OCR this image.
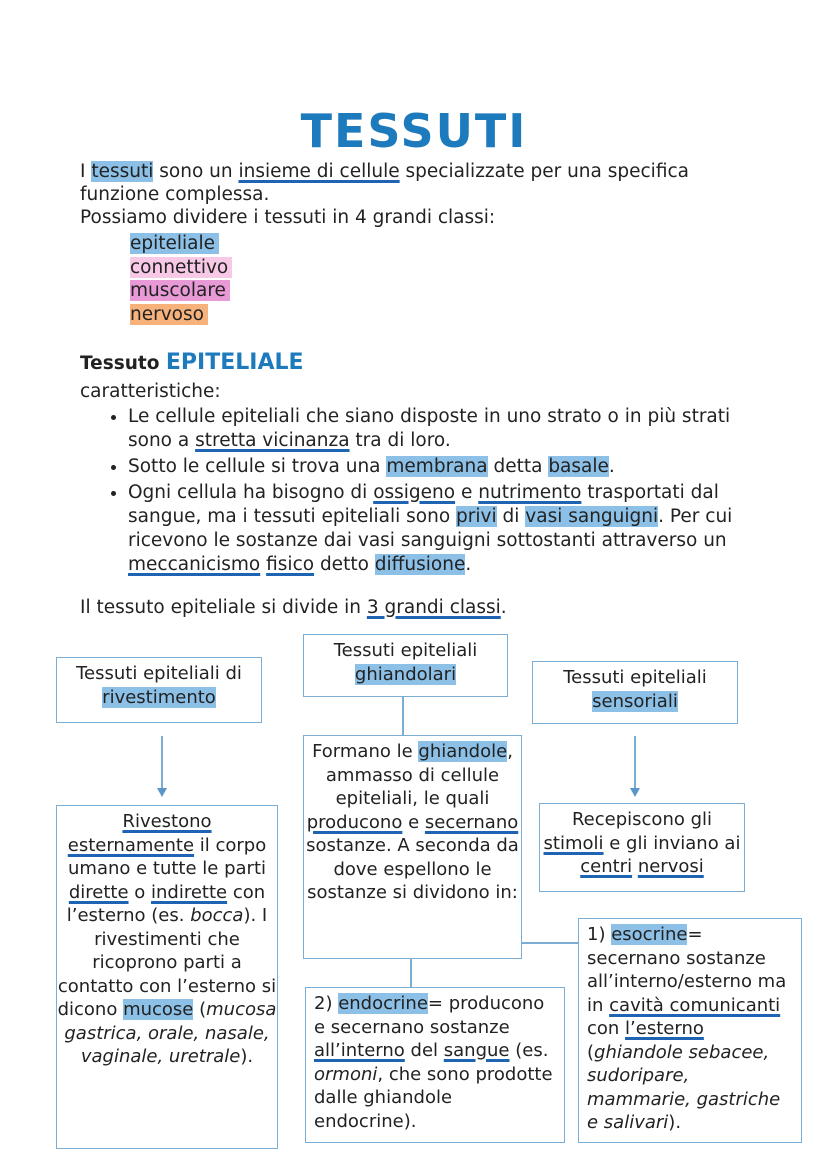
TESSUTI
I tessuti sono un insieme di cellule specializzate per una specifica funzione complessa.
Possiamo dividere i tessuti in 4 grandi classi:
epiteliale
connettivo
muscolare
nervoso
Tessuto EPITELIALE
caratteristiche:
• Le cellule epiteliali che siano disposte in uno strato o in più strati sono a stretta vicinanza tra di loro.
• Sotto le cellule si trova una membrana detta basale.
• Ogni cellula ha bisogno di ossigeno e nutrimento trasportati dal sangue, ma i tessuti epiteliali sono privi di vasi sanguigni. Per cui ricevono le sostanze dai vasi sanguigni sottostanti attraverso un meccanicismo fisico detto diffusione.
Il tessuto epiteliale si divide in 3 grandi classi.
Tessuti epiteliali di
rivestimento
Tessuti epiteliali
ghiandolari	Tessuti epiteliali
sensoriali
Rivestono
esternamente il corpo umano e tutte le parti dirette o indirette con l’esterno (es. bocca). I rivestimenti che ricoprono parti a contatto con l’esterno si dicono mucose (mucosa gastrica, orale, nasale, vaginale, uretrale).
Formano le ghiandole, ammasso di cellule epiteliali, le quali producono e secernano sostanze. A seconda da dove espellono le sostanze si dividono in:
Recepiscono gli stimoli e gli inviano ai centri nervosi
1) esocrine= secernano sostanze all’interno/esterno ma in cavità comunicanti con l’esterno (ghiandole sebacee, sudoripare, mammarie, gastriche e salivari).
2) endocrine= producono e secernano sostanze all’interno del sangue (es. ormoni, che sono prodotte dalle ghiandole endocrine).
